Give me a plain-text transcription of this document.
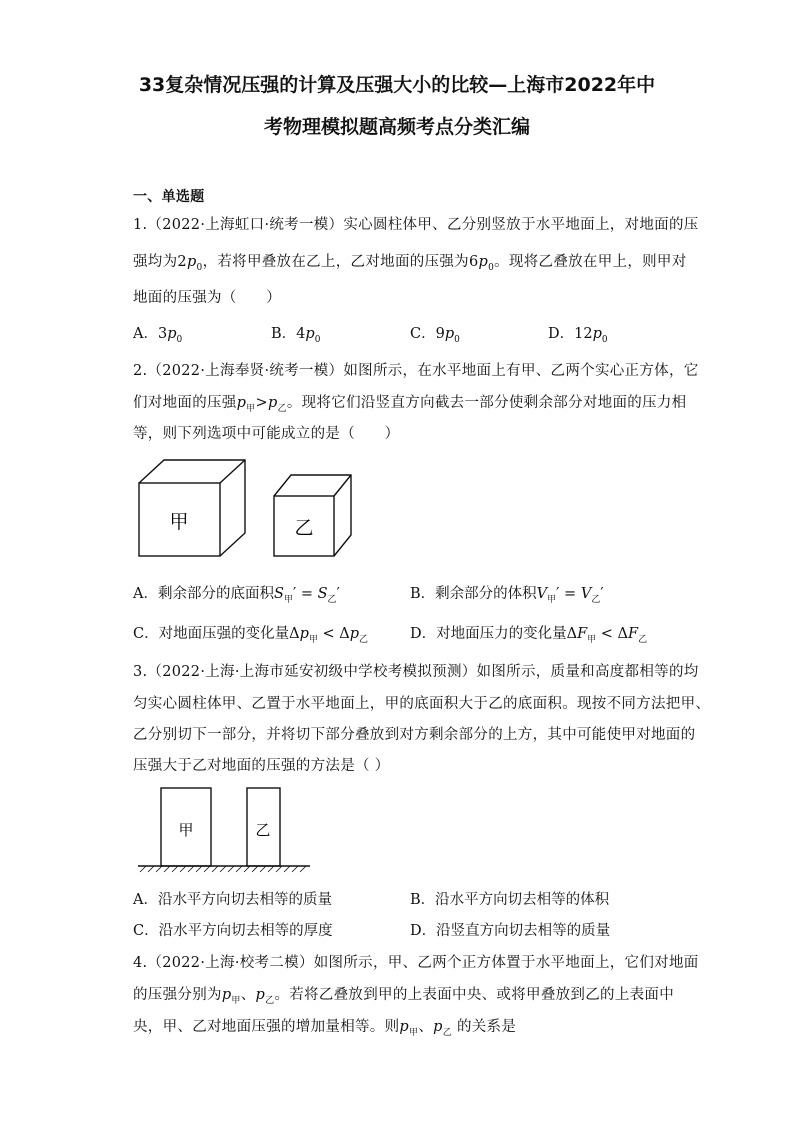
33复杂情况压强的计算及压强大小的比较—上海市2022年中
考物理模拟题高频考点分类汇编
一、单选题
1.（2022·上海虹口·统考一模）实心圆柱体甲、乙分别竖放于水平地面上，对地面的压
强均为$2p_0$，若将甲叠放在乙上，乙对地面的压强为$6p_0$。现将乙叠放在甲上，则甲对
地面的压强为（　　）
A．$3p_0$	B．$4p_0$	C．$9p_0$	D．$12p_0$
2.（2022·上海奉贤·统考一模）如图所示，在水平地面上有甲、乙两个实心正方体，它
们对地面的压强$p_甲>p_乙$。现将它们沿竖直方向截去一部分使剩余部分对地面的压力相
等，则下列选项中可能成立的是（　　）
甲	乙
A．剩余部分的底面积$S_甲' = S_乙'$	B．剩余部分的体积$V_甲' = V_乙'$
C．对地面压强的变化量$\Delta p_甲 < \Delta p_乙$	D．对地面压力的变化量$\Delta F_甲 < \Delta F_乙$
3.（2022·上海·上海市延安初级中学校考模拟预测）如图所示，质量和高度都相等的均
匀实心圆柱体甲、乙置于水平地面上，甲的底面积大于乙的底面积。现按不同方法把甲、
乙分别切下一部分，并将切下部分叠放到对方剩余部分的上方，其中可能使甲对地面的
压强大于乙对地面的压强的方法是（ ）
甲	乙
A．沿水平方向切去相等的质量	B．沿水平方向切去相等的体积
C．沿水平方向切去相等的厚度	D．沿竖直方向切去相等的质量
4.（2022·上海·校考二模）如图所示，甲、乙两个正方体置于水平地面上，它们对地面
的压强分别为$p_甲$、$p_乙$。若将乙叠放到甲的上表面中央、或将甲叠放到乙的上表面中
央，甲、乙对地面压强的增加量相等。则$p_甲$、$p_乙$ 的关系是
